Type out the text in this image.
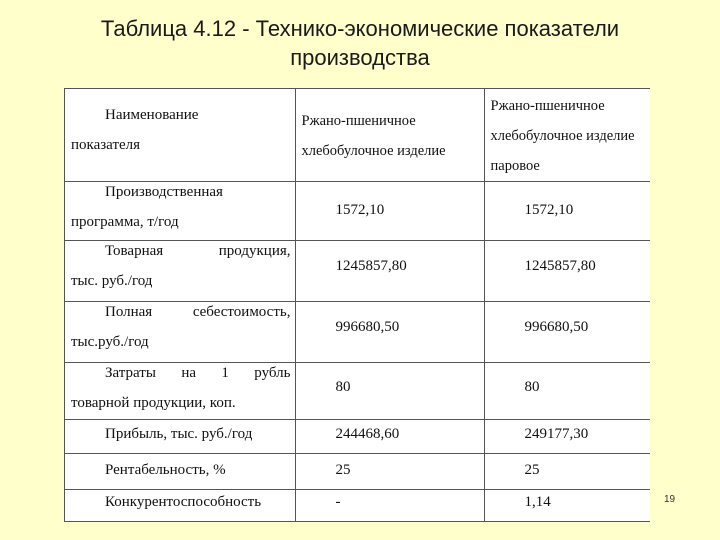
Таблица 4.12 - Технико-экономические показатели
производства
Наименование
показателя	Ржано-пшеничное хлебобулочное изделие	Ржано-пшеничное хлебобулочное изделие паровое

Производственная
программа, т/год	1572,10	1572,10

Товарная продукция,
тыс. руб./год	1245857,80	1245857,80

Полная себестоимость,
тыс.руб./год	996680,50	996680,50

Затраты на 1 рубль
товарной продукции, коп.	80	80

Прибыль, тыс. руб./год	244468,60	249177,30

Рентабельность, %	25	25

Конкурентоспособность	-	1,14	19
